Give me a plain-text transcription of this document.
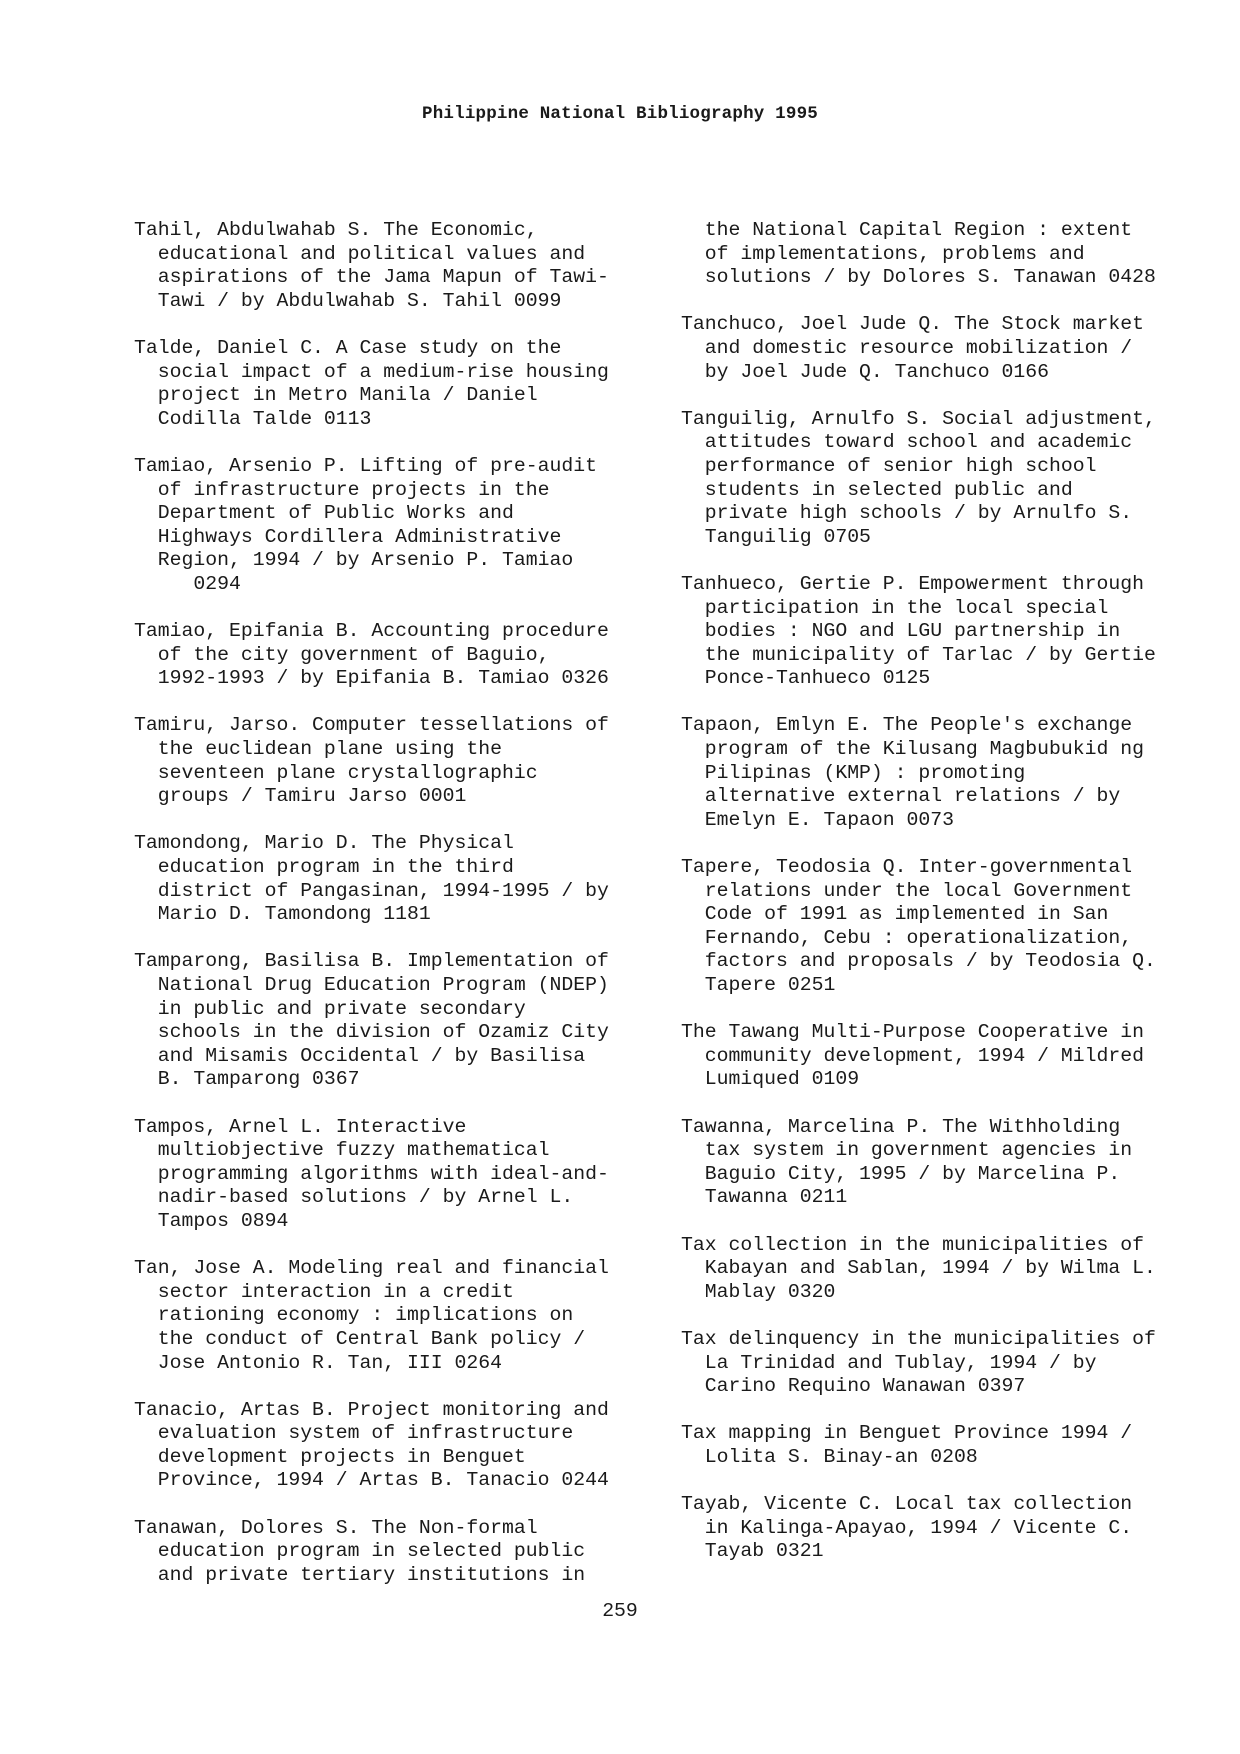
Philippine National Bibliography 1995
Tahil, Abdulwahab S. The Economic,
educational and political values and
aspirations of the Jama Mapun of Tawi-
Tawi / by Abdulwahab S. Tahil 0099
Talde, Daniel C. A Case study on the
social impact of a medium-rise housing
project in Metro Manila / Daniel
Codilla Talde 0113
Tamiao, Arsenio P. Lifting of pre-audit
of infrastructure projects in the
Department of Public Works and
Highways Cordillera Administrative
Region, 1994 / by Arsenio P. Tamiao
0294
Tamiao, Epifania B. Accounting procedure
of the city government of Baguio,
1992-1993 / by Epifania B. Tamiao 0326
Tamiru, Jarso. Computer tessellations of
the euclidean plane using the
seventeen plane crystallographic
groups / Tamiru Jarso 0001
Tamondong, Mario D. The Physical
education program in the third
district of Pangasinan, 1994-1995 / by
Mario D. Tamondong 1181
Tamparong, Basilisa B. Implementation of
National Drug Education Program (NDEP)
in public and private secondary
schools in the division of Ozamiz City
and Misamis Occidental / by Basilisa
B. Tamparong 0367
Tampos, Arnel L. Interactive
multiobjective fuzzy mathematical
programming algorithms with ideal-and-
nadir-based solutions / by Arnel L.
Tampos 0894
Tan, Jose A. Modeling real and financial
sector interaction in a credit
rationing economy : implications on
the conduct of Central Bank policy /
Jose Antonio R. Tan, III 0264
Tanacio, Artas B. Project monitoring and
evaluation system of infrastructure
development projects in Benguet
Province, 1994 / Artas B. Tanacio 0244
Tanawan, Dolores S. The Non-formal
education program in selected public
and private tertiary institutions in
the National Capital Region : extent
of implementations, problems and
solutions / by Dolores S. Tanawan 0428
Tanchuco, Joel Jude Q. The Stock market
and domestic resource mobilization /
by Joel Jude Q. Tanchuco 0166
Tanguilig, Arnulfo S. Social adjustment,
attitudes toward school and academic
performance of senior high school
students in selected public and
private high schools / by Arnulfo S.
Tanguilig 0705
Tanhueco, Gertie P. Empowerment through
participation in the local special
bodies : NGO and LGU partnership in
the municipality of Tarlac / by Gertie
Ponce-Tanhueco 0125
Tapaon, Emlyn E. The People's exchange
program of the Kilusang Magbubukid ng
Pilipinas (KMP) : promoting
alternative external relations / by
Emelyn E. Tapaon 0073
Tapere, Teodosia Q. Inter-governmental
relations under the local Government
Code of 1991 as implemented in San
Fernando, Cebu : operationalization,
factors and proposals / by Teodosia Q.
Tapere 0251
The Tawang Multi-Purpose Cooperative in
community development, 1994 / Mildred
Lumiqued 0109
Tawanna, Marcelina P. The Withholding
tax system in government agencies in
Baguio City, 1995 / by Marcelina P.
Tawanna 0211
Tax collection in the municipalities of
Kabayan and Sablan, 1994 / by Wilma L.
Mablay 0320
Tax delinquency in the municipalities of
La Trinidad and Tublay, 1994 / by
Carino Requino Wanawan 0397
Tax mapping in Benguet Province 1994 /
Lolita S. Binay-an 0208
Tayab, Vicente C. Local tax collection
in Kalinga-Apayao, 1994 / Vicente C.
Tayab 0321
259
